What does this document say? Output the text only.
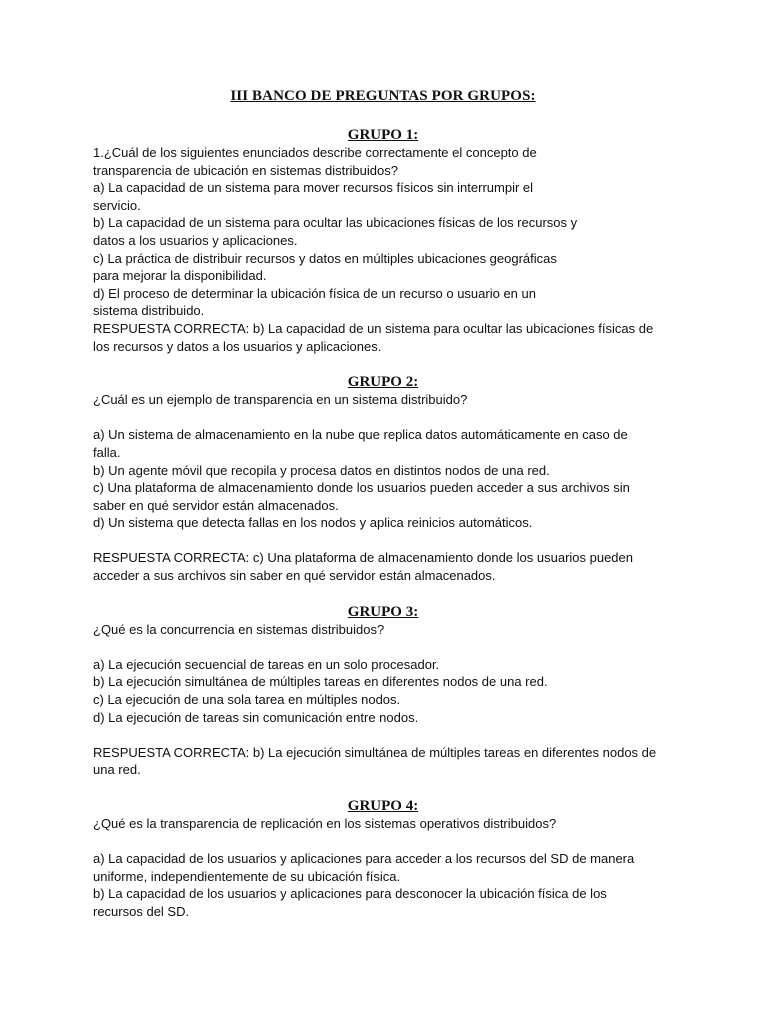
III BANCO DE PREGUNTAS POR GRUPOS:
GRUPO 1:
1.¿Cuál de los siguientes enunciados describe correctamente el concepto de
transparencia de ubicación en sistemas distribuidos?
a) La capacidad de un sistema para mover recursos físicos sin interrumpir el
servicio.
b) La capacidad de un sistema para ocultar las ubicaciones físicas de los recursos y
datos a los usuarios y aplicaciones.
c) La práctica de distribuir recursos y datos en múltiples ubicaciones geográficas
para mejorar la disponibilidad.
d) El proceso de determinar la ubicación física de un recurso o usuario en un
sistema distribuido.
RESPUESTA CORRECTA: b) La capacidad de un sistema para ocultar las ubicaciones físicas de
los recursos y datos a los usuarios y aplicaciones.
GRUPO 2:
¿Cuál es un ejemplo de transparencia en un sistema distribuido?
a) Un sistema de almacenamiento en la nube que replica datos automáticamente en caso de
falla.
b) Un agente móvil que recopila y procesa datos en distintos nodos de una red.
c) Una plataforma de almacenamiento donde los usuarios pueden acceder a sus archivos sin
saber en qué servidor están almacenados.
d) Un sistema que detecta fallas en los nodos y aplica reinicios automáticos.
RESPUESTA CORRECTA: c) Una plataforma de almacenamiento donde los usuarios pueden
acceder a sus archivos sin saber en qué servidor están almacenados.
GRUPO 3:
¿Qué es la concurrencia en sistemas distribuidos?
a) La ejecución secuencial de tareas en un solo procesador.
b) La ejecución simultánea de múltiples tareas en diferentes nodos de una red.
c) La ejecución de una sola tarea en múltiples nodos.
d) La ejecución de tareas sin comunicación entre nodos.
RESPUESTA CORRECTA: b) La ejecución simultánea de múltiples tareas en diferentes nodos de
una red.
GRUPO 4:
¿Qué es la transparencia de replicación en los sistemas operativos distribuidos?
a) La capacidad de los usuarios y aplicaciones para acceder a los recursos del SD de manera
uniforme, independientemente de su ubicación física.
b) La capacidad de los usuarios y aplicaciones para desconocer la ubicación física de los
recursos del SD.
